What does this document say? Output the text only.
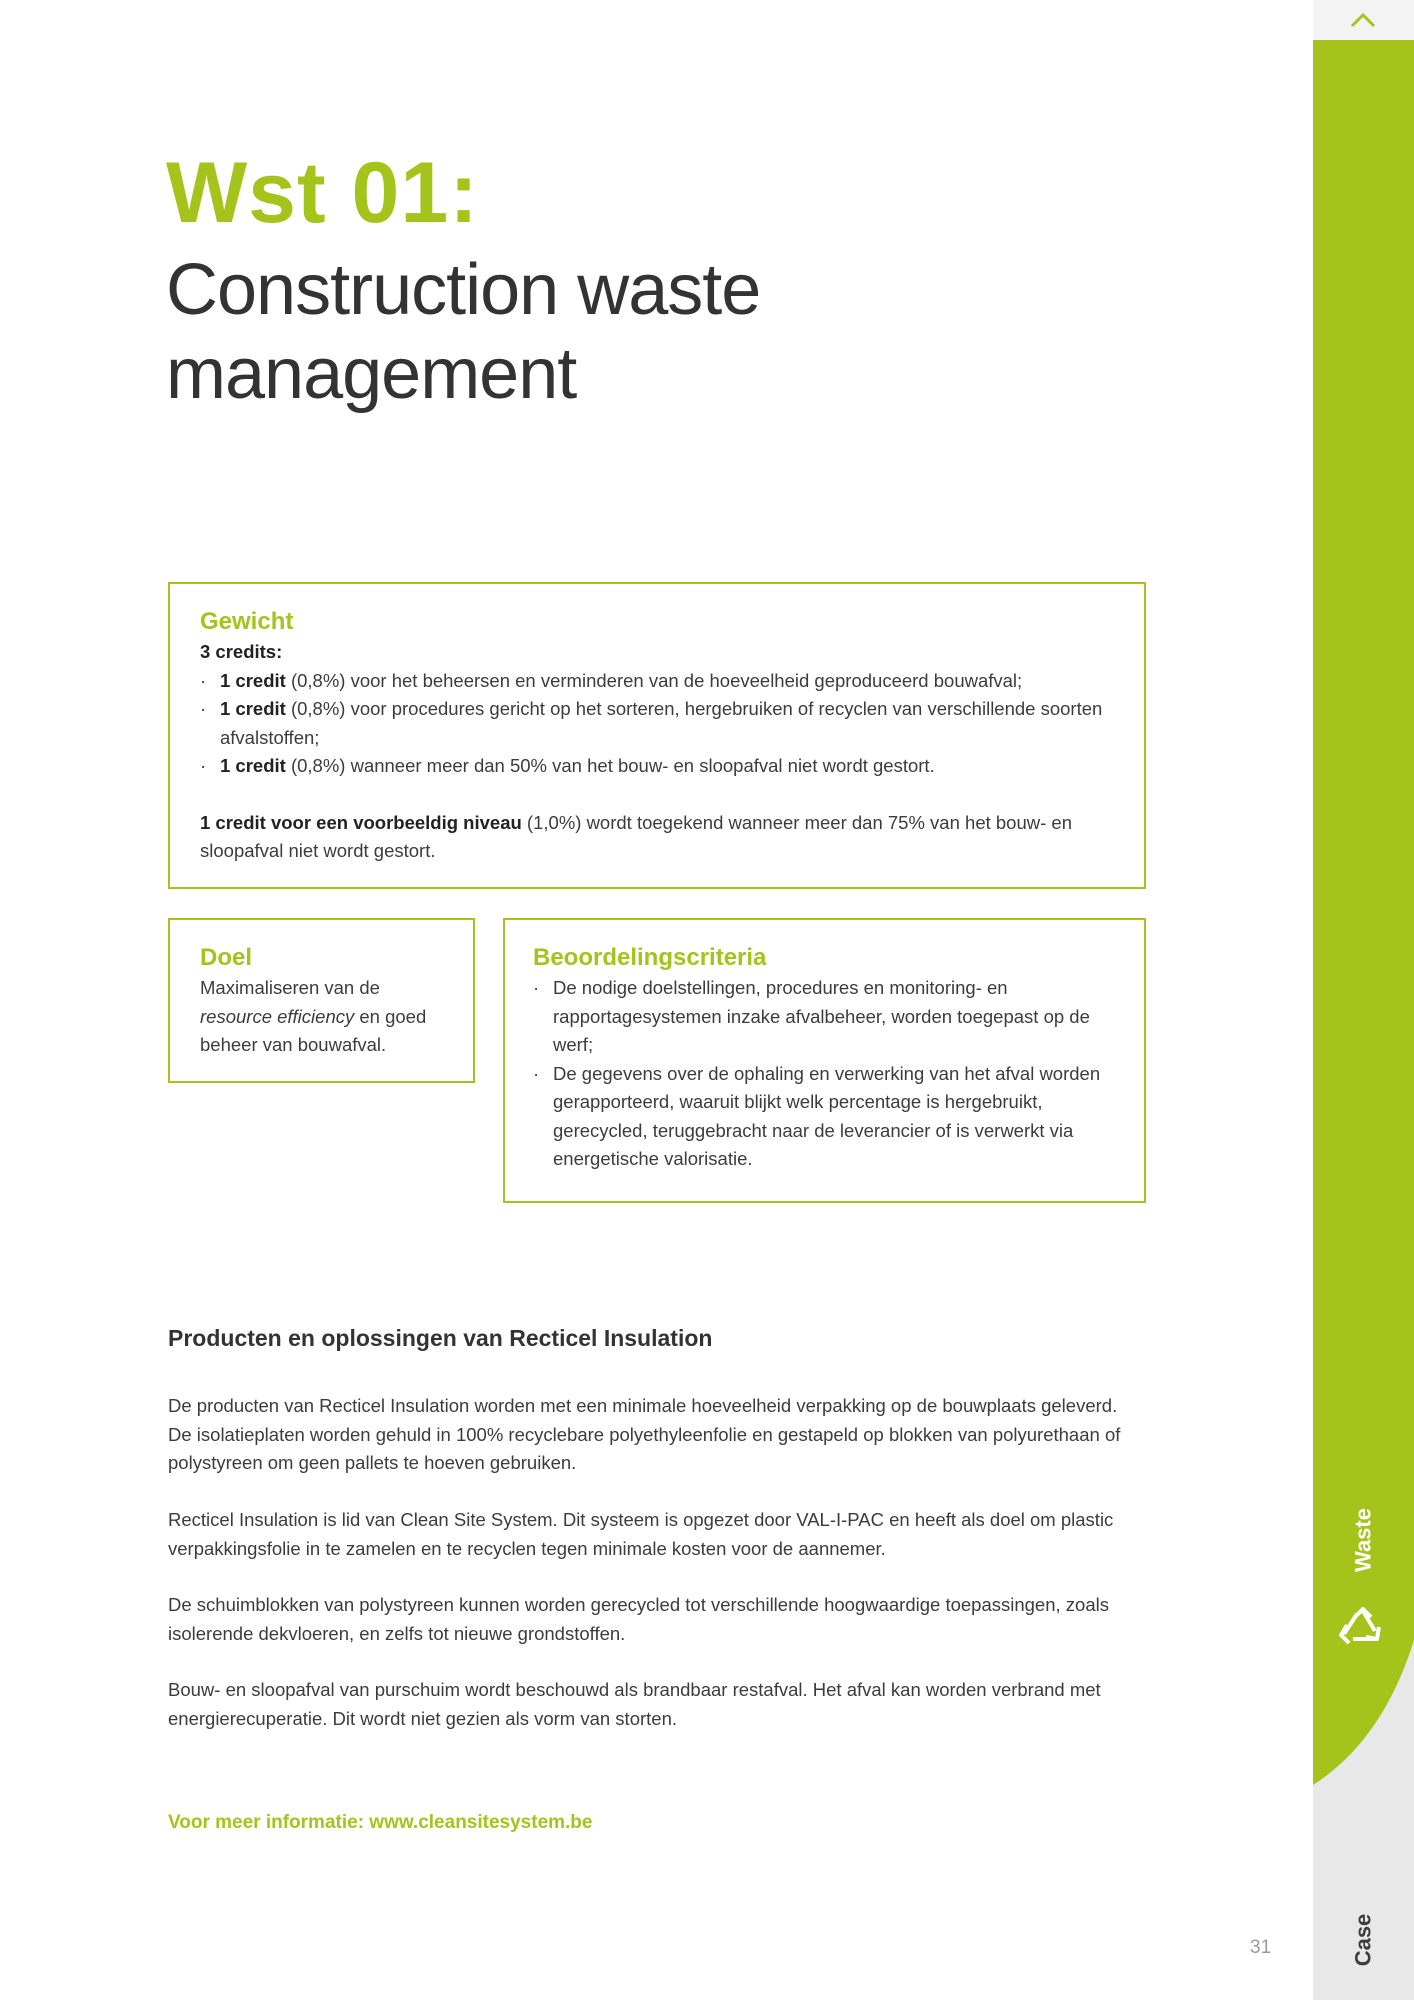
Waste
Case
Wst 01:
Construction waste
management
Gewicht
3 credits:
· 1 credit (0,8%) voor het beheersen en verminderen van de hoeveelheid geproduceerd bouwafval;
· 1 credit (0,8%) voor procedures gericht op het sorteren, hergebruiken of recyclen van verschillende soorten afvalstoffen;
· 1 credit (0,8%) wanneer meer dan 50% van het bouw- en sloopafval niet wordt gestort.
1 credit voor een voorbeeldig niveau (1,0%) wordt toegekend wanneer meer dan 75% van het bouw- en sloopafval niet wordt gestort.
Doel
Maximaliseren van de resource efficiency en goed beheer van bouwafval.
Beoordelingscriteria
· De nodige doelstellingen, procedures en monitoring- en rapportagesystemen inzake afvalbeheer, worden toegepast op de werf;
· De gegevens over de ophaling en verwerking van het afval worden gerapporteerd, waaruit blijkt welk percentage is hergebruikt, gerecycled, teruggebracht naar de leverancier of is verwerkt via energetische valorisatie.
Producten en oplossingen van Recticel Insulation
De producten van Recticel Insulation worden met een minimale hoeveelheid verpakking op de bouwplaats geleverd. De isolatieplaten worden gehuld in 100% recyclebare polyethyleenfolie en gestapeld op blokken van polyurethaan of polystyreen om geen pallets te hoeven gebruiken.
Recticel Insulation is lid van Clean Site System. Dit systeem is opgezet door VAL-I-PAC en heeft als doel om plastic verpakkingsfolie in te zamelen en te recyclen tegen minimale kosten voor de aannemer.
De schuimblokken van polystyreen kunnen worden gerecycled tot verschillende hoogwaardige toepassingen, zoals isolerende dekvloeren, en zelfs tot nieuwe grondstoffen.
Bouw- en sloopafval van purschuim wordt beschouwd als brandbaar restafval. Het afval kan worden verbrand met energierecuperatie. Dit wordt niet gezien als vorm van storten.
Voor meer informatie: www.cleansitesystem.be
31
